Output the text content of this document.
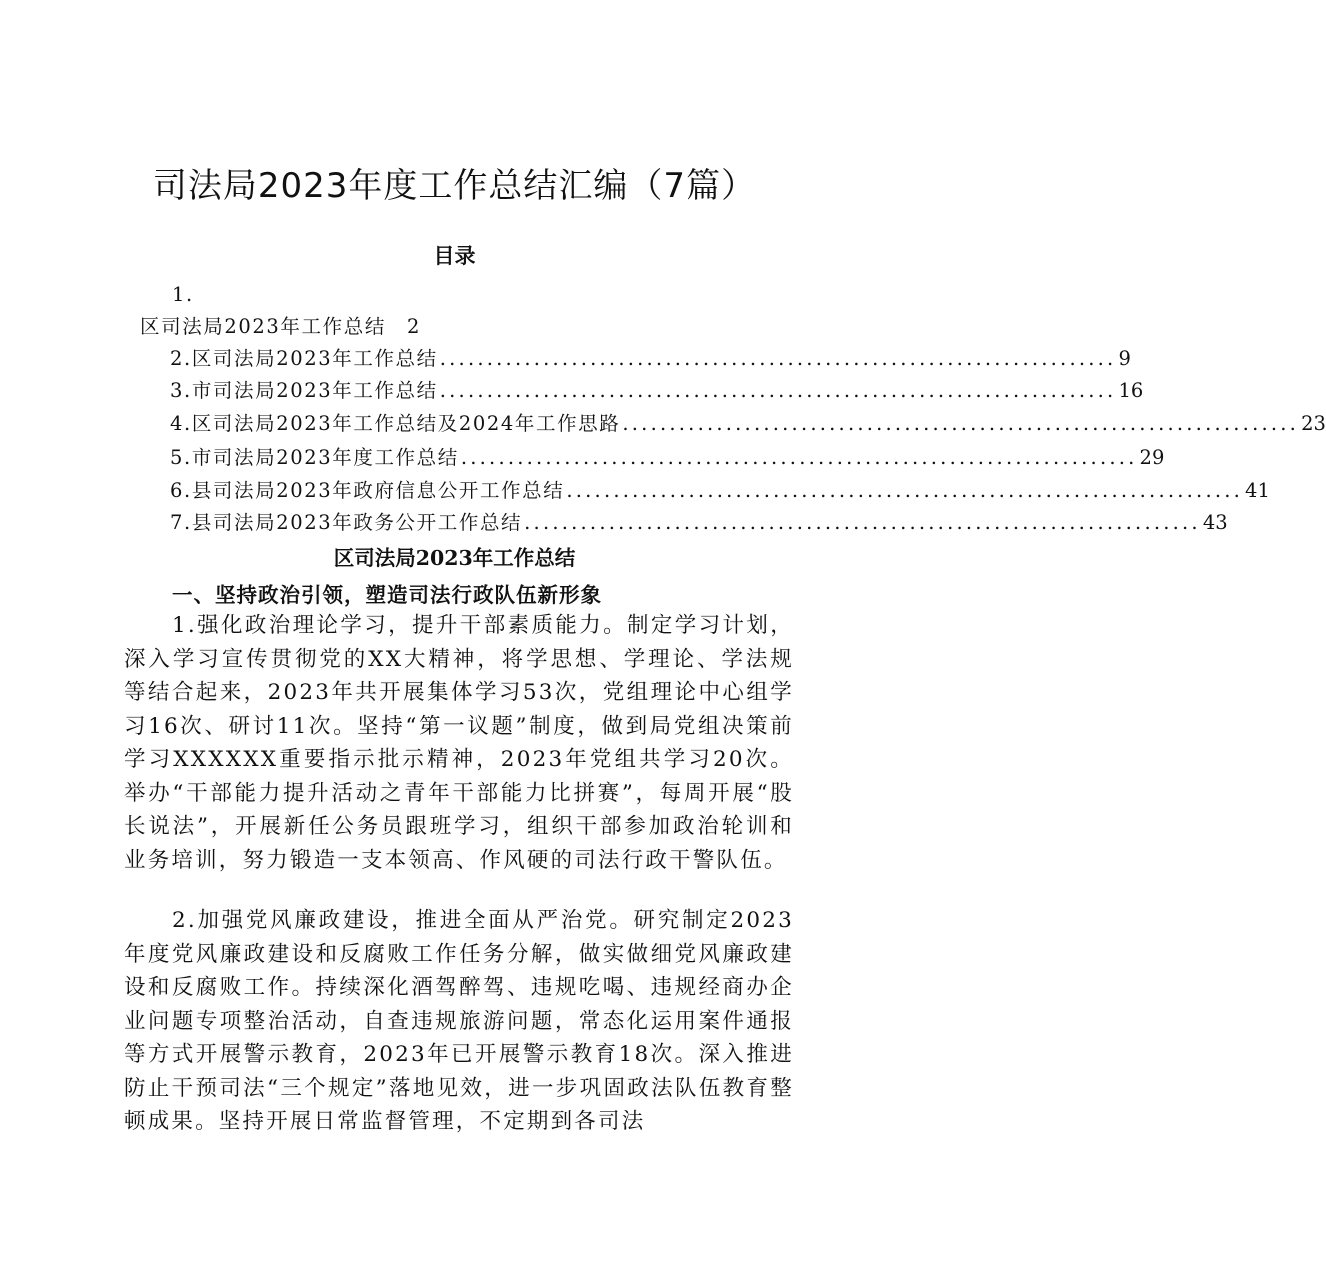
司法局2023年度工作总结汇编（7篇）
目录
1.
区司法局2023年工作总结　2
2. 区司法局2023年工作总结 ........................................................................ 9
3. 市司法局2023年工作总结 ........................................................................ 16
4. 区司法局2023年工作总结及2024年工作思路 ........................................................................ 23
5. 市司法局2023年度工作总结 ........................................................................ 29
6. 县司法局2023年政府信息公开工作总结 ........................................................................ 41
7. 县司法局2023年政务公开工作总结 ........................................................................ 43
区司法局2023年工作总结
一、坚持政治引领，塑造司法行政队伍新形象

1.强化政治理论学习，提升干部素质能力。制定学习计划，深入学习宣传贯彻党的XX大精神，将学思想、学理论、学法规等结合起来，2023年共开展集体学习53次，党组理论中心组学习16次、研讨11次。坚持“第一议题”制度，做到局党组决策前学习XXXXXX重要指示批示精神，2023年党组共学习20次。举办“干部能力提升活动之青年干部能力比拼赛”，每周开展“股长说法”，开展新任公务员跟班学习，组织干部参加政治轮训和业务培训，努力锻造一支本领高、作风硬的司法行政干警队伍。

2.加强党风廉政建设，推进全面从严治党。研究制定2023年度党风廉政建设和反腐败工作任务分解，做实做细党风廉政建设和反腐败工作。持续深化酒驾醉驾、违规吃喝、违规经商办企业问题专项整治活动，自查违规旅游问题，常态化运用案件通报等方式开展警示教育，2023年已开展警示教育18次。深入推进防止干预司法“三个规定”落地见效，进一步巩固政法队伍教育整顿成果。坚持开展日常监督管理，不定期到各司法
